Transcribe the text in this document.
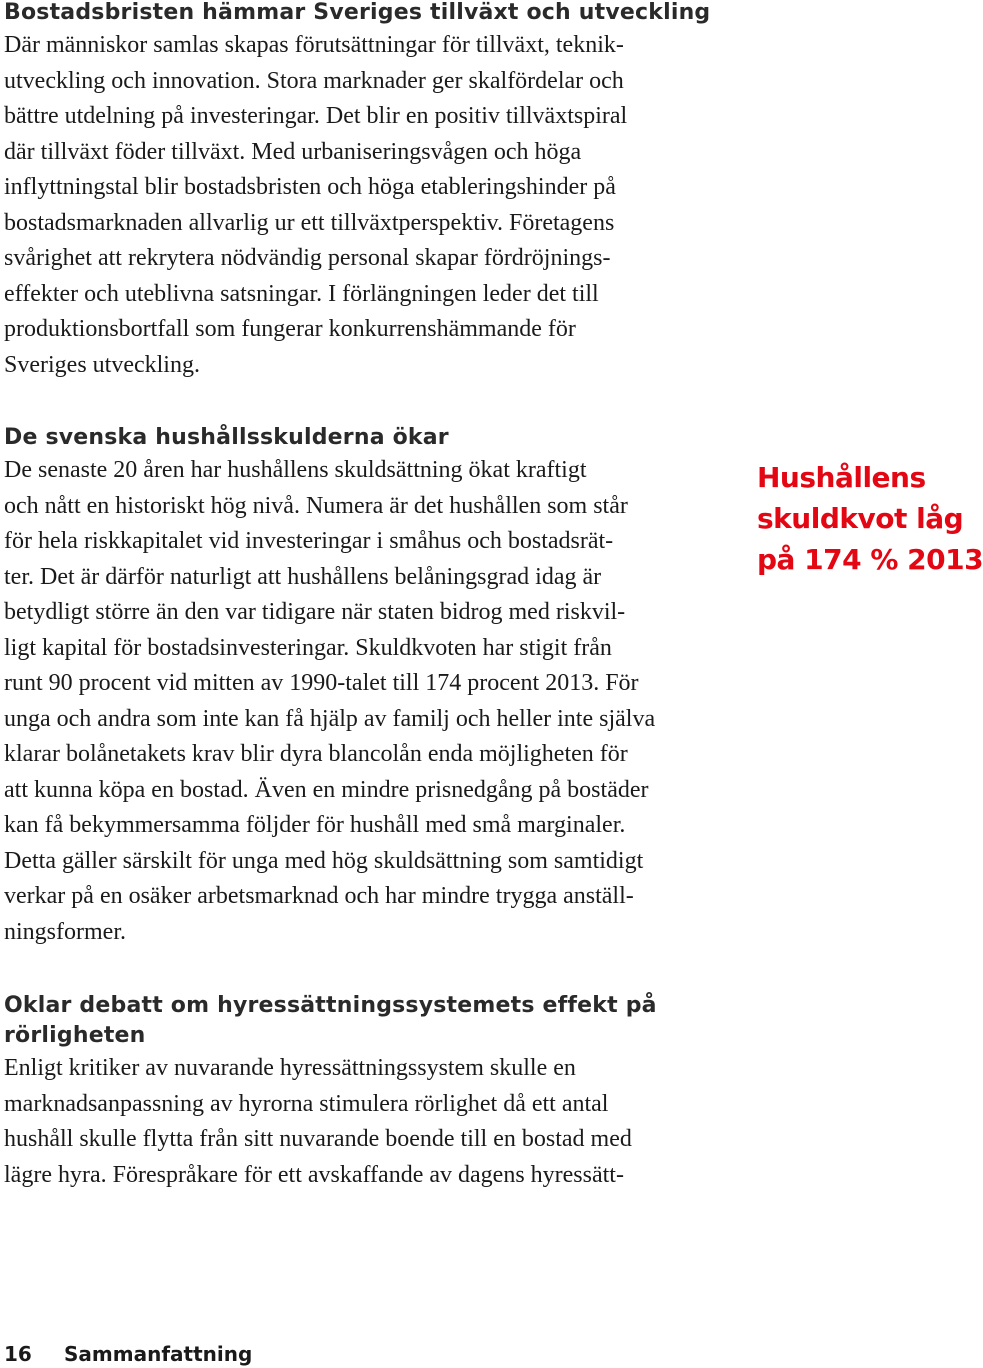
Bostadsbristen hämmar Sveriges tillväxt och utveckling
Där människor samlas skapas förutsättningar för tillväxt, teknik-
utveckling och innovation. Stora marknader ger skalfördelar och
bättre utdelning på investeringar. Det blir en positiv tillväxtspiral
där tillväxt föder tillväxt. Med urbaniseringsvågen och höga
inflyttningstal blir bostadsbristen och höga etableringshinder på
bostadsmarknaden allvarlig ur ett tillväxtperspektiv. Företagens
svårighet att rekrytera nödvändig personal skapar fördröjnings-
effekter och uteblivna satsningar. I förlängningen leder det till
produktionsbortfall som fungerar konkurrenshämmande för
Sveriges utveckling.
De svenska hushållsskulderna ökar
De senaste 20 åren har hushållens skuldsättning ökat kraftigt
och nått en historiskt hög nivå. Numera är det hushållen som står
för hela riskkapitalet vid investeringar i småhus och bostadsrät-
ter. Det är därför naturligt att hushållens belåningsgrad idag är
betydligt större än den var tidigare när staten bidrog med riskvil-
ligt kapital för bostadsinvesteringar. Skuldkvoten har stigit från
runt 90 procent vid mitten av 1990-talet till 174 procent 2013. För
unga och andra som inte kan få hjälp av familj och heller inte själva
klarar bolånetakets krav blir dyra blancolån enda möjligheten för
att kunna köpa en bostad. Även en mindre prisnedgång på bostäder
kan få bekymmersamma följder för hushåll med små marginaler.
Detta gäller särskilt för unga med hög skuldsättning som samtidigt
verkar på en osäker arbetsmarknad och har mindre trygga anställ-
ningsformer.
Hushållens
skuldkvot låg
på 174 % 2013
Oklar debatt om hyressättningssystemets effekt på rörligheten
Enligt kritiker av nuvarande hyressättningssystem skulle en
marknadsanpassning av hyrorna stimulera rörlighet då ett antal
hushåll skulle flytta från sitt nuvarande boende till en bostad med
lägre hyra. Förespråkare för ett avskaffande av dagens hyressätt-
16 Sammanfattning
